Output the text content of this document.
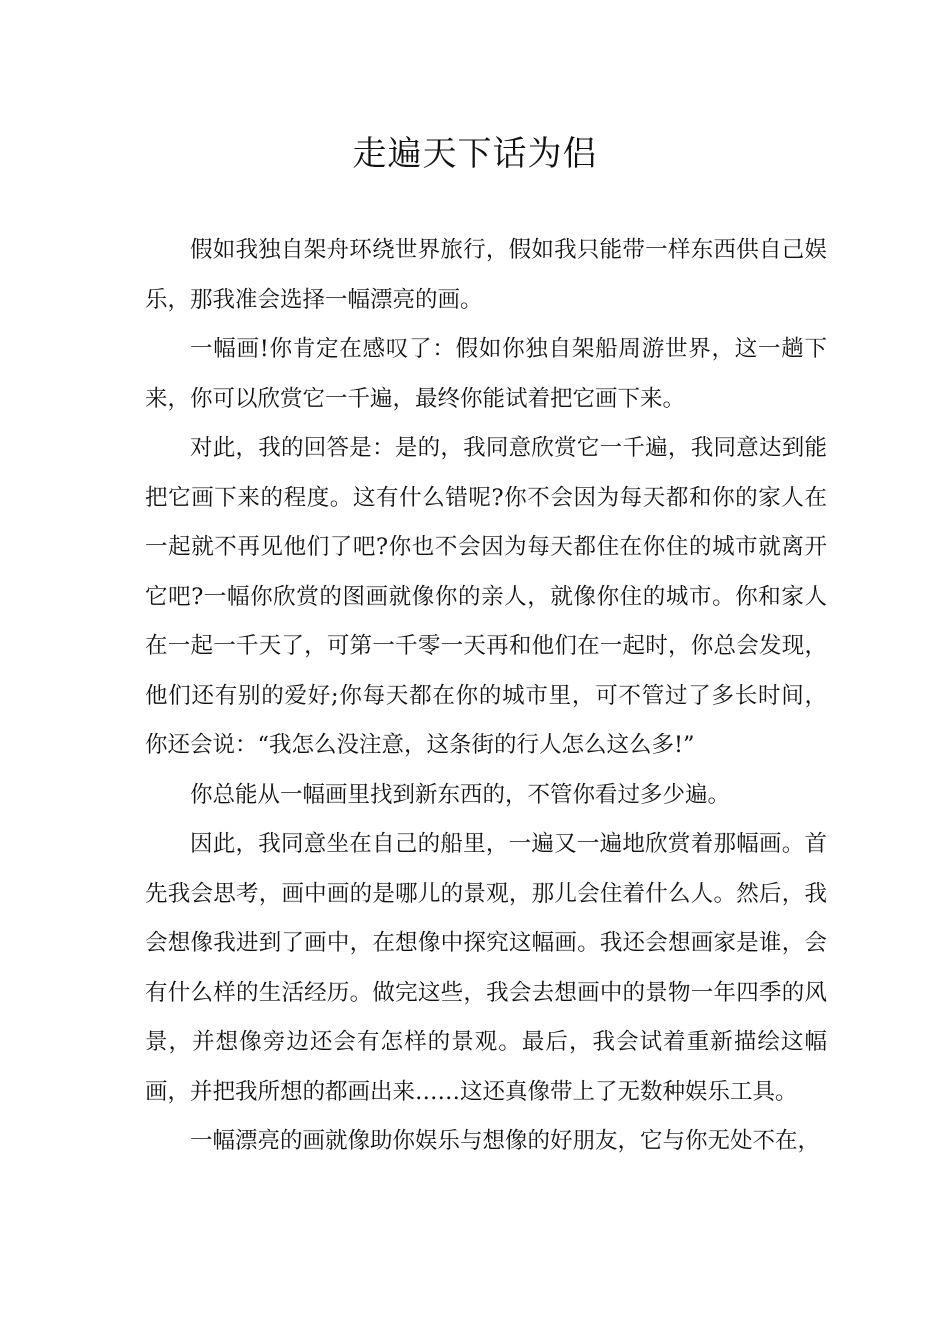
走遍天下话为侣

假如我独自架舟环绕世界旅行，假如我只能带一样东西供自己娱乐，那我准会选择一幅漂亮的画。

一幅画!你肯定在感叹了：假如你独自架船周游世界，这一趟下来，你可以欣赏它一千遍，最终你能试着把它画下来。

对此，我的回答是：是的，我同意欣赏它一千遍，我同意达到能把它画下来的程度。这有什么错呢?你不会因为每天都和你的家人在一起就不再见他们了吧?你也不会因为每天都住在你住的城市就离开它吧?一幅你欣赏的图画就像你的亲人，就像你住的城市。你和家人在一起一千天了，可第一千零一天再和他们在一起时，你总会发现，他们还有别的爱好;你每天都在你的城市里，可不管过了多长时间，你还会说：“我怎么没注意，这条街的行人怎么这么多!”

你总能从一幅画里找到新东西的，不管你看过多少遍。

因此，我同意坐在自己的船里，一遍又一遍地欣赏着那幅画。首先我会思考，画中画的是哪儿的景观，那儿会住着什么人。然后，我会想像我进到了画中，在想像中探究这幅画。我还会想画家是谁，会有什么样的生活经历。做完这些，我会去想画中的景物一年四季的风景，并想像旁边还会有怎样的景观。最后，我会试着重新描绘这幅画，并把我所想的都画出来……这还真像带上了无数种娱乐工具。

一幅漂亮的画就像助你娱乐与想像的好朋友，它与你无处不在，
